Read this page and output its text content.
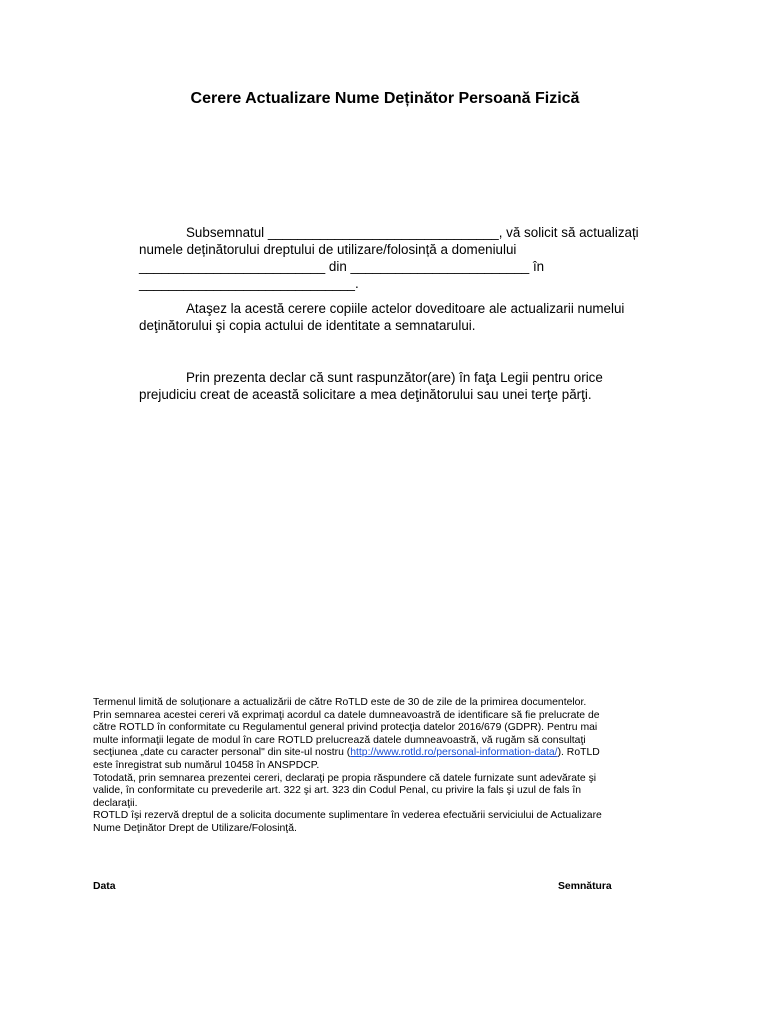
Cerere Actualizare Nume Deținător Persoană Fizică
Subsemnatul _______________________________, vă solicit să actualizați
numele deținătorului dreptului de utilizare/folosință a domeniului
_________________________ din ________________________ în
_____________________________.
Ataşez la acestă cerere copiile actelor doveditoare ale actualizarii numelui
deţinătorului şi copia actului de identitate a semnatarului.
Prin prezenta declar că sunt raspunzător(are) în faţa Legii pentru orice
prejudiciu creat de această solicitare a mea deţinătorului sau unei terţe părţi.
Termenul limită de soluționare a actualizării de către RoTLD este de 30 de zile de la primirea documentelor.
Prin semnarea acestei cereri vă exprimaţi acordul ca datele dumneavoastră de identificare să fie prelucrate de
către ROTLD în conformitate cu Regulamentul general privind protecţia datelor 2016/679 (GDPR). Pentru mai
multe informaţii legate de modul în care ROTLD prelucrează datele dumneavoastră, vă rugăm să consultaţi
secţiunea „date cu caracter personal" din site-ul nostru (http://www.rotld.ro/personal-information-data/). RoTLD
este înregistrat sub numărul 10458 în ANSPDCP.
Totodată, prin semnarea prezentei cereri, declaraţi pe propia răspundere că datele furnizate sunt adevărate şi
valide, în conformitate cu prevederile art. 322 şi art. 323 din Codul Penal, cu privire la fals şi uzul de fals în
declaraţii.
ROTLD îşi rezervă dreptul de a solicita documente suplimentare în vederea efectuării serviciului de Actualizare
Nume Deţinător Drept de Utilizare/Folosinţă.
Data	Semnătura
